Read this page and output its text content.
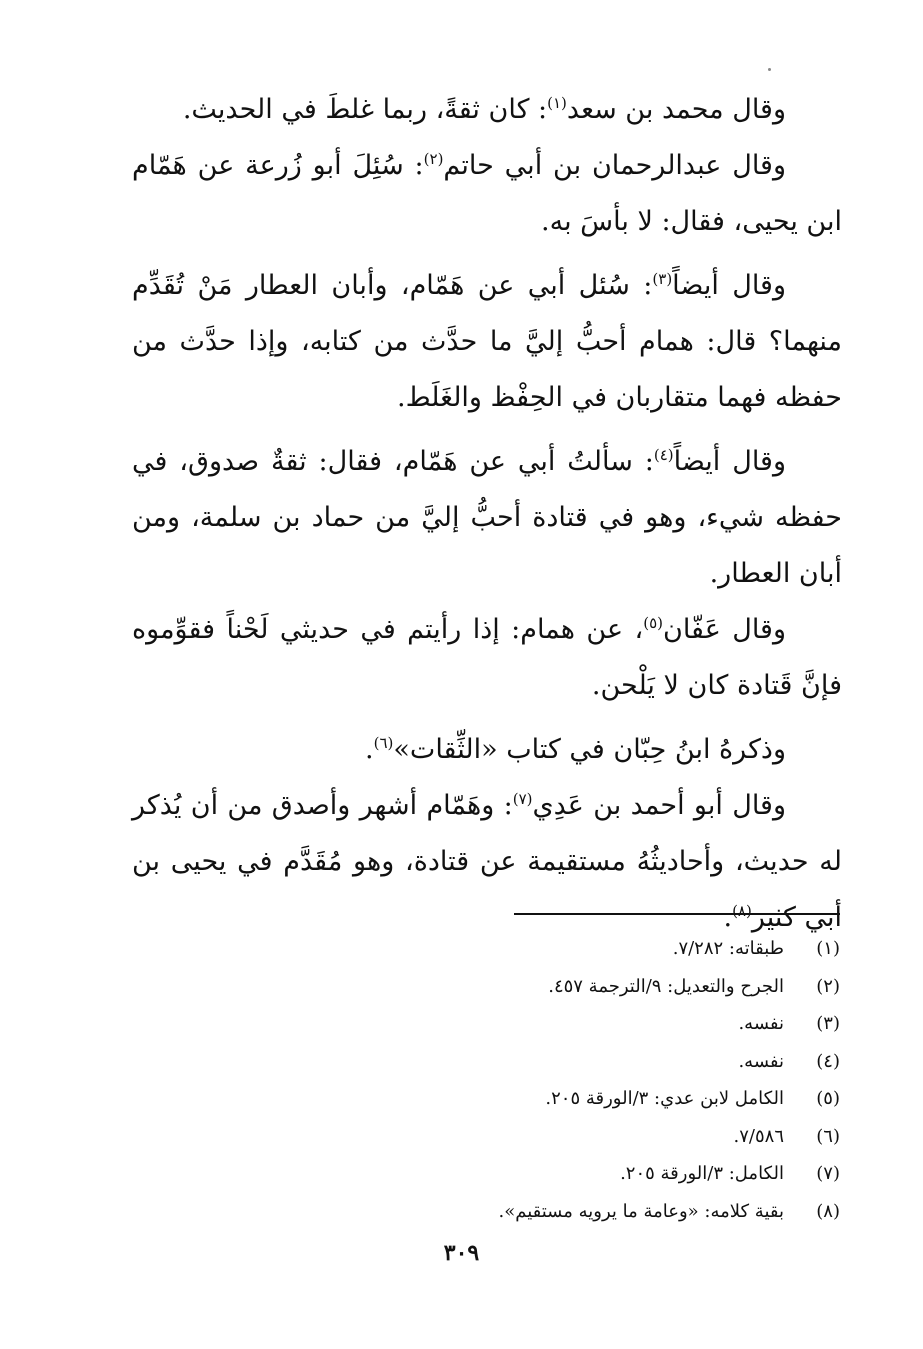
وقال محمد بن سعد$^{(١)}$: كان ثقةً، ربما غلطَ في الحديث.

وقال عبدالرحمان بن أبي حاتم$^{(٢)}$: سُئِلَ أبو زُرعة عن هَمّام ابن يحيى، فقال: لا بأسَ به.

وقال أيضاً$^{(٣)}$: سُئل أبي عن هَمّام، وأبان العطار مَنْ تُقَدِّم منهما؟ قال: همام أحبُّ إليَّ ما حدَّث من كتابه، وإذا حدَّث من حفظه فهما متقاربان في الحِفْظ والغَلَط.

وقال أيضاً$^{(٤)}$: سألتُ أبي عن هَمّام، فقال: ثقةٌ صدوق، في حفظه شيء، وهو في قتادة أحبُّ إليَّ من حماد بن سلمة، ومن أبان العطار.

وقال عَفّان$^{(٥)}$، عن همام: إذا رأيتم في حديثي لَحْناً فقوِّموه فإنَّ قَتادة كان لا يَلْحن.

وذكرهُ ابنُ حِبّان في كتاب «الثِّقات»$^{(٦)}$.

وقال أبو أحمد بن عَدِي$^{(٧)}$: وهَمّام أشهر وأصدق من أن يُذكر له حديث، وأحاديثُهُ مستقيمة عن قتادة، وهو مُقَدَّم في يحيى بن أبي كثير$^{(٨)}$.

(١)
طبقاته: ٧/٢٨٢.
(٢)
الجرح والتعديل: ٩/الترجمة ٤٥٧.
(٣)
نفسه.
(٤)
نفسه.
(٥)
الكامل لابن عدي: ٣/الورقة ٢٠٥.
(٦)
٧/٥٨٦.
(٧)
الكامل: ٣/الورقة ٢٠٥.
(٨)
بقية كلامه: «وعامة ما يرويه مستقيم».
٣٠٩
